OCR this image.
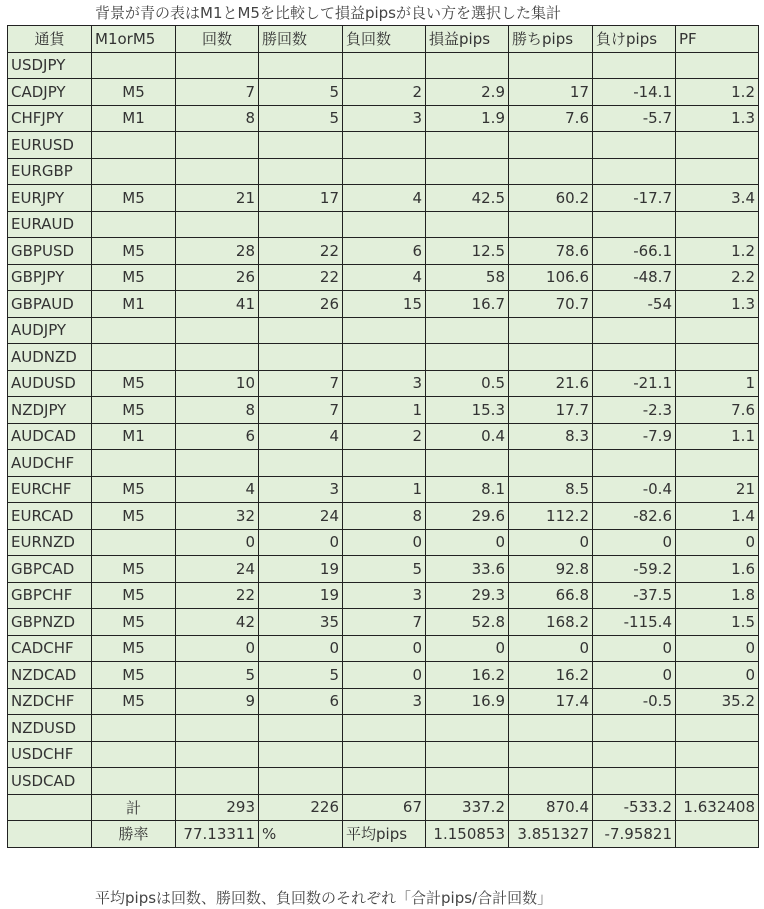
背景が青の表はM1とM5を比較して損益pipsが良い方を選択した集計
通貨	M1orM5	回数	勝回数	負回数	損益pips	勝ちpips	負けpips	PF
USDJPY								
CADJPY	M5	7	5	2	2.9	17	-14.1	1.2
CHFJPY	M1	8	5	3	1.9	7.6	-5.7	1.3
EURUSD								
EURGBP								
EURJPY	M5	21	17	4	42.5	60.2	-17.7	3.4
EURAUD								
GBPUSD	M5	28	22	6	12.5	78.6	-66.1	1.2
GBPJPY	M5	26	22	4	58	106.6	-48.7	2.2
GBPAUD	M1	41	26	15	16.7	70.7	-54	1.3
AUDJPY								
AUDNZD								
AUDUSD	M5	10	7	3	0.5	21.6	-21.1	1
NZDJPY	M5	8	7	1	15.3	17.7	-2.3	7.6
AUDCAD	M1	6	4	2	0.4	8.3	-7.9	1.1
AUDCHF								
EURCHF	M5	4	3	1	8.1	8.5	-0.4	21
EURCAD	M5	32	24	8	29.6	112.2	-82.6	1.4
EURNZD		0	0	0	0	0	0	0
GBPCAD	M5	24	19	5	33.6	92.8	-59.2	1.6
GBPCHF	M5	22	19	3	29.3	66.8	-37.5	1.8
GBPNZD	M5	42	35	7	52.8	168.2	-115.4	1.5
CADCHF	M5	0	0	0	0	0	0	0
NZDCAD	M5	5	5	0	16.2	16.2	0	0
NZDCHF	M5	9	6	3	16.9	17.4	-0.5	35.2
NZDUSD								
USDCHF								
USDCAD								
	計	293	226	67	337.2	870.4	-533.2	1.632408
	勝率	77.13311	%	平均pips	1.150853	3.851327	-7.95821	
平均pipsは回数、勝回数、負回数のそれぞれ「合計pips/合計回数」
